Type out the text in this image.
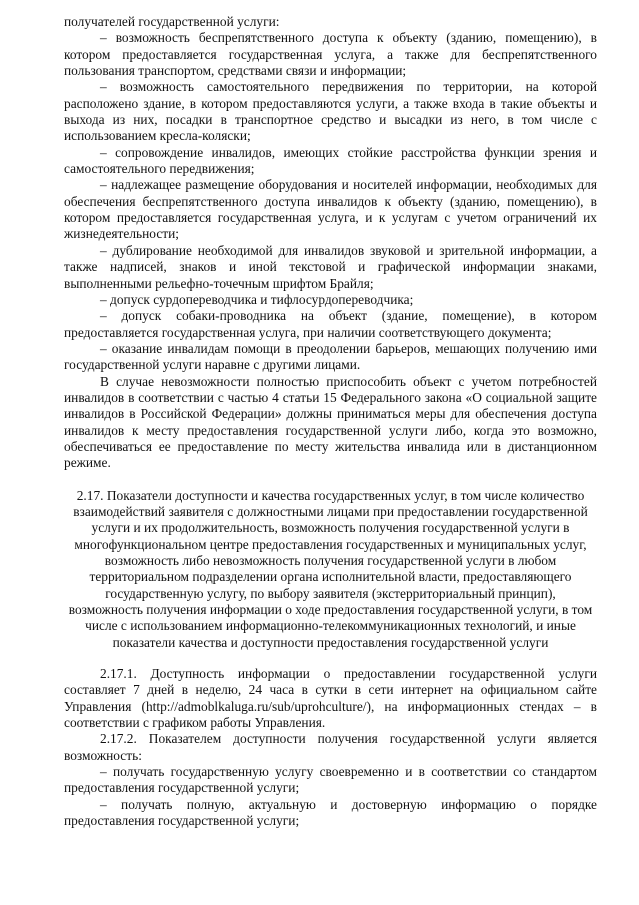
получателей государственной услуги:

– возможность беспрепятственного доступа к объекту (зданию, помещению), в котором предоставляется государственная услуга, а также для беспрепятственного пользования транспортом, средствами связи и информации;

– возможность самостоятельного передвижения по территории, на которой расположено здание, в котором предоставляются услуги, а также входа в такие объекты и выхода из них, посадки в транспортное средство и высадки из него, в том числе с использованием кресла-коляски;

– сопровождение инвалидов, имеющих стойкие расстройства функции зрения и самостоятельного передвижения;

– надлежащее размещение оборудования и носителей информации, необходимых для обеспечения беспрепятственного доступа инвалидов к объекту (зданию, помещению), в котором предоставляется государственная услуга, и к услугам с учетом ограничений их жизнедеятельности;

– дублирование необходимой для инвалидов звуковой и зрительной информации, а также надписей, знаков и иной текстовой и графической информации знаками, выполненными рельефно-точечным шрифтом Брайля;

– допуск сурдопереводчика и тифлосурдопереводчика;

– допуск собаки-проводника на объект (здание, помещение), в котором предоставляется государственная услуга, при наличии соответствующего документа;

– оказание инвалидам помощи в преодолении барьеров, мешающих получению ими государственной услуги наравне с другими лицами.

В случае невозможности полностью приспособить объект с учетом потребностей инвалидов в соответствии с частью 4 статьи 15 Федерального закона «О социальной защите инвалидов в Российской Федерации» должны приниматься меры для обеспечения доступа инвалидов к месту предоставления государственной услуги либо, когда это возможно, обеспечиваться ее предоставление по месту жительства инвалида или в дистанционном режиме.

2.17. Показатели доступности и качества государственных услуг, в том числе количество взаимодействий заявителя с должностными лицами при предоставлении государственной услуги и их продолжительность, возможность получения государственной услуги в многофункциональном центре предоставления государственных и муниципальных услуг, возможность либо невозможность получения государственной услуги в любом территориальном подразделении органа исполнительной власти, предоставляющего государственную услугу, по выбору заявителя (экстерриториальный принцип), возможность получения информации о ходе предоставления государственной услуги, в том числе с использованием информационно-телекоммуникационных технологий, и иные показатели качества и доступности предоставления государственной услуги

2.17.1. Доступность информации о предоставлении государственной услуги составляет 7 дней в неделю, 24 часа в сутки в сети интернет на официальном сайте Управления (http://admoblkaluga.ru/sub/uprohculture/), на информационных стендах – в соответствии с графиком работы Управления.

2.17.2. Показателем доступности получения государственной услуги является возможность:

– получать государственную услугу своевременно и в соответствии со стандартом предоставления государственной услуги;

– получать полную, актуальную и достоверную информацию о порядке предоставления государственной услуги;
